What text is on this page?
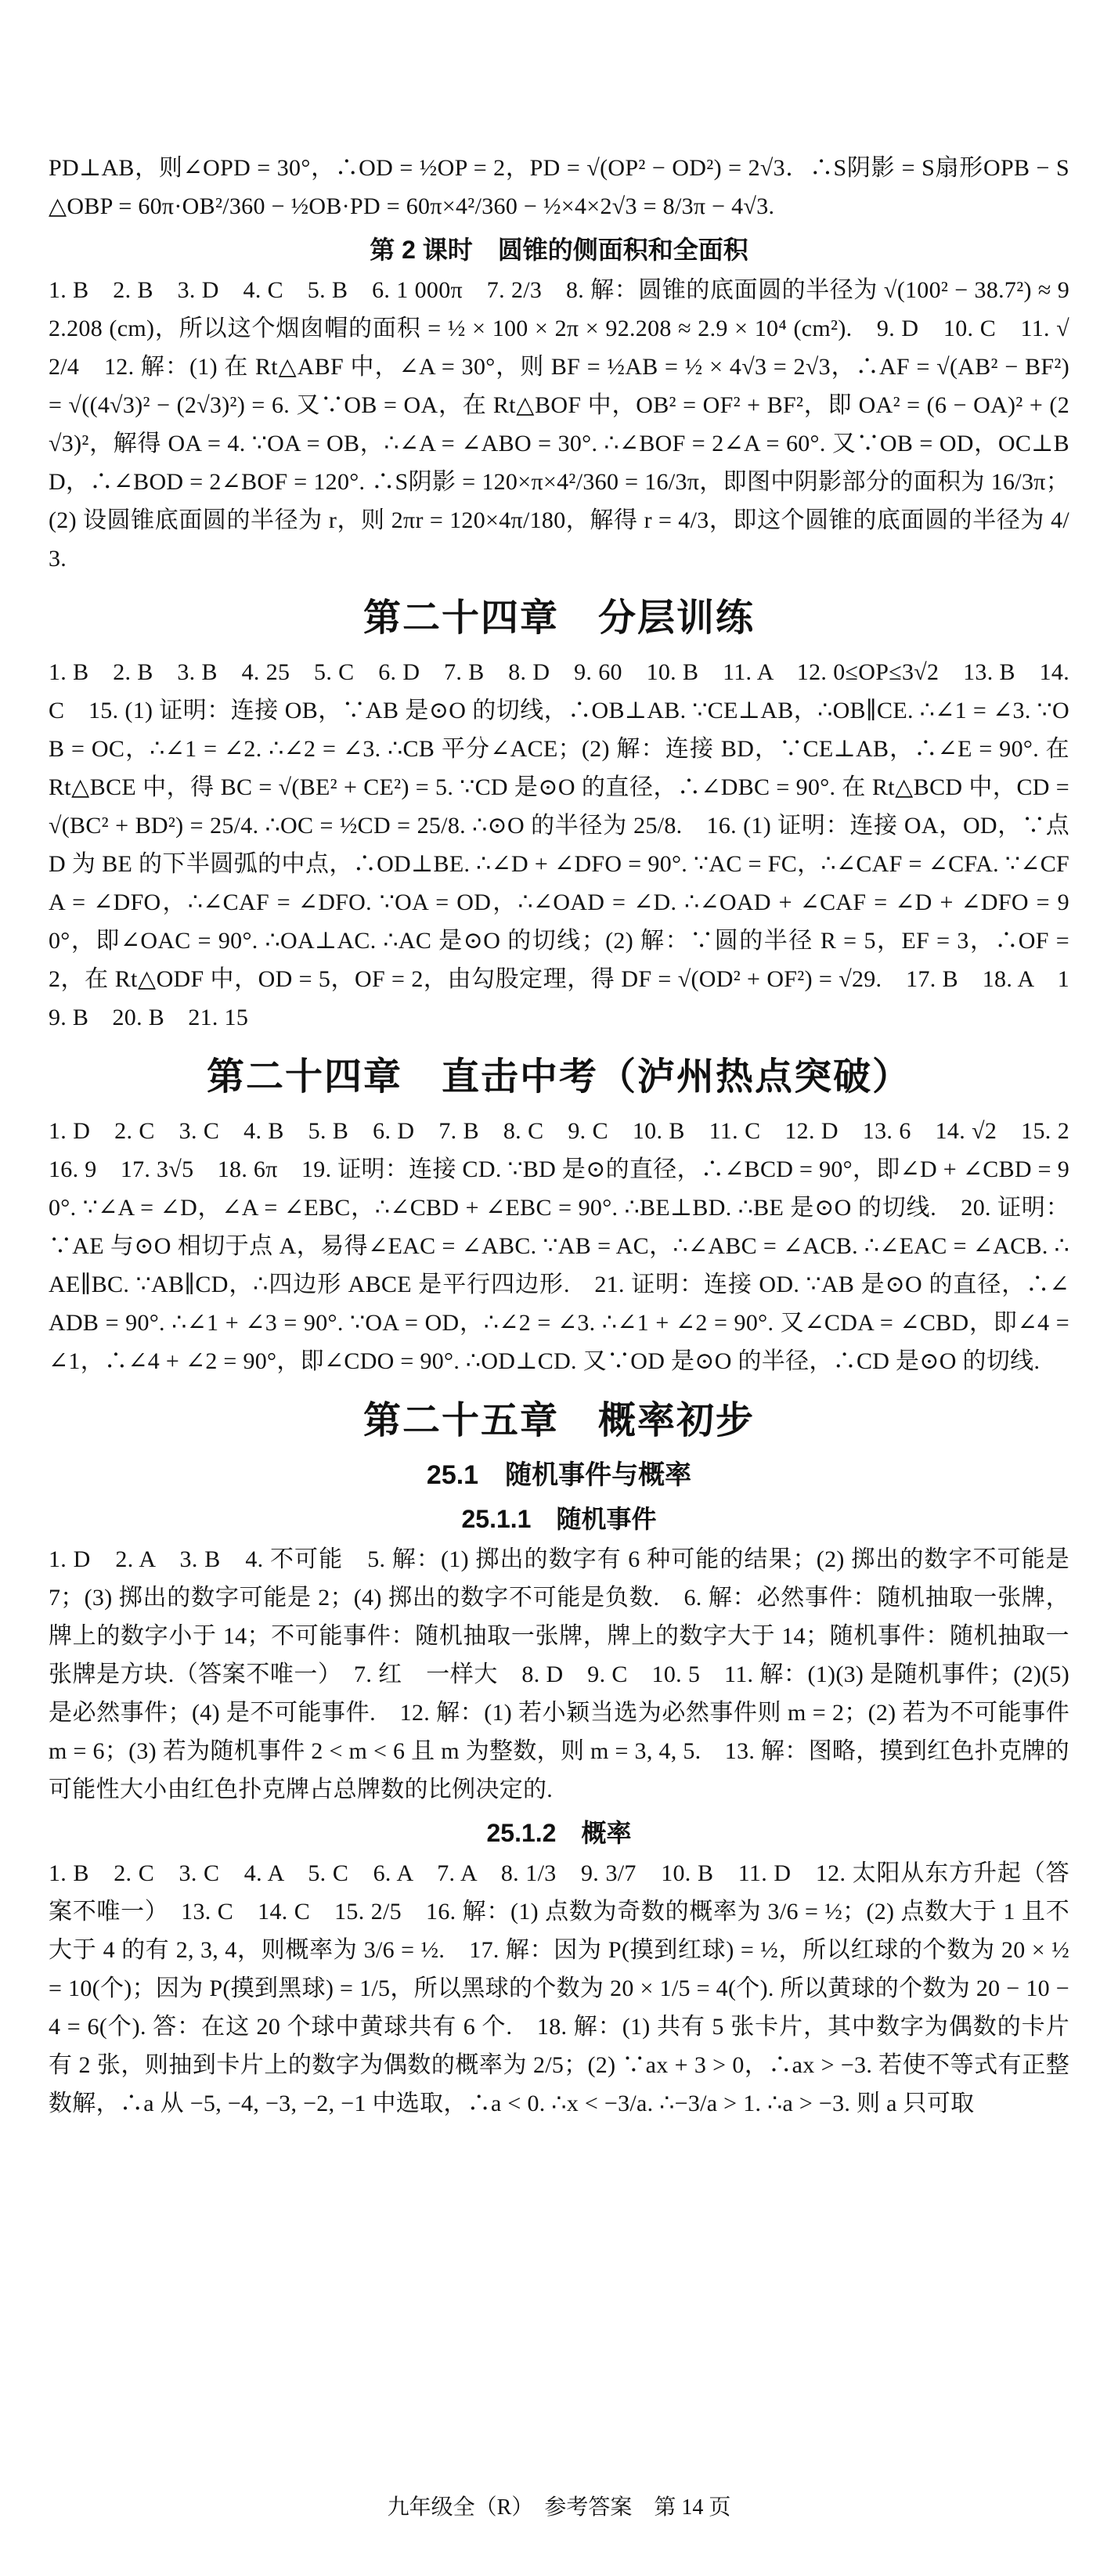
PD⊥AB，则∠OPD = 30°，∴OD = ½OP = 2，PD = √(OP² − OD²) = 2√3．∴S阴影 = S扇形OPB − S△OBP = 60π·OB²/360 − ½OB·PD = 60π×4²/360 − ½×4×2√3 = 8/3π − 4√3.

第 2 课时　圆锥的侧面积和全面积

1. B　2. B　3. D　4. C　5. B　6. 1 000π　7. 2/3　8. 解：圆锥的底面圆的半径为 √(100² − 38.7²) ≈ 92.208 (cm)，所以这个烟囱帽的面积 = ½ × 100 × 2π × 92.208 ≈ 2.9 × 10⁴ (cm²).　9. D　10. C　11. √2/4　12. 解：(1) 在 Rt△ABF 中，∠A = 30°，则 BF = ½AB = ½ × 4√3 = 2√3，∴AF = √(AB² − BF²) = √((4√3)² − (2√3)²) = 6. 又∵OB = OA，在 Rt△BOF 中，OB² = OF² + BF²，即 OA² = (6 − OA)² + (2√3)²，解得 OA = 4. ∵OA = OB，∴∠A = ∠ABO = 30°. ∴∠BOF = 2∠A = 60°. 又∵OB = OD，OC⊥BD，∴∠BOD = 2∠BOF = 120°. ∴S阴影 = 120×π×4²/360 = 16/3π，即图中阴影部分的面积为 16/3π；(2) 设圆锥底面圆的半径为 r，则 2πr = 120×4π/180，解得 r = 4/3，即这个圆锥的底面圆的半径为 4/3.

第二十四章　分层训练

1. B　2. B　3. B　4. 25　5. C　6. D　7. B　8. D　9. 60　10. B　11. A　12. 0≤OP≤3√2　13. B　14. C　15. (1) 证明：连接 OB，∵AB 是⊙O 的切线，∴OB⊥AB. ∵CE⊥AB，∴OB∥CE. ∴∠1 = ∠3. ∵OB = OC，∴∠1 = ∠2. ∴∠2 = ∠3. ∴CB 平分∠ACE；(2) 解：连接 BD，∵CE⊥AB，∴∠E = 90°. 在 Rt△BCE 中，得 BC = √(BE² + CE²) = 5. ∵CD 是⊙O 的直径，∴∠DBC = 90°. 在 Rt△BCD 中，CD = √(BC² + BD²) = 25/4. ∴OC = ½CD = 25/8. ∴⊙O 的半径为 25/8.　16. (1) 证明：连接 OA，OD，∵点 D 为 BE 的下半圆弧的中点，∴OD⊥BE. ∴∠D + ∠DFO = 90°. ∵AC = FC，∴∠CAF = ∠CFA. ∵∠CFA = ∠DFO，∴∠CAF = ∠DFO. ∵OA = OD，∴∠OAD = ∠D. ∴∠OAD + ∠CAF = ∠D + ∠DFO = 90°，即∠OAC = 90°. ∴OA⊥AC. ∴AC 是⊙O 的切线；(2) 解：∵圆的半径 R = 5，EF = 3，∴OF = 2，在 Rt△ODF 中，OD = 5，OF = 2，由勾股定理，得 DF = √(OD² + OF²) = √29.　17. B　18. A　19. B　20. B　21. 15

第二十四章　直击中考（泸州热点突破）

1. D　2. C　3. C　4. B　5. B　6. D　7. B　8. C　9. C　10. B　11. C　12. D　13. 6　14. √2　15. 2　16. 9　17. 3√5　18. 6π　19. 证明：连接 CD. ∵BD 是⊙的直径，∴∠BCD = 90°，即∠D + ∠CBD = 90°. ∵∠A = ∠D，∠A = ∠EBC，∴∠CBD + ∠EBC = 90°. ∴BE⊥BD. ∴BE 是⊙O 的切线.　20. 证明：∵AE 与⊙O 相切于点 A，易得∠EAC = ∠ABC. ∵AB = AC，∴∠ABC = ∠ACB. ∴∠EAC = ∠ACB. ∴AE∥BC. ∵AB∥CD，∴四边形 ABCE 是平行四边形.　21. 证明：连接 OD. ∵AB 是⊙O 的直径，∴∠ADB = 90°. ∴∠1 + ∠3 = 90°. ∵OA = OD，∴∠2 = ∠3. ∴∠1 + ∠2 = 90°. 又∠CDA = ∠CBD，即∠4 = ∠1，∴∠4 + ∠2 = 90°，即∠CDO = 90°. ∴OD⊥CD. 又∵OD 是⊙O 的半径，∴CD 是⊙O 的切线.

第二十五章　概率初步
25.1　随机事件与概率
25.1.1　随机事件

1. D　2. A　3. B　4. 不可能　5. 解：(1) 掷出的数字有 6 种可能的结果；(2) 掷出的数字不可能是 7；(3) 掷出的数字可能是 2；(4) 掷出的数字不可能是负数.　6. 解：必然事件：随机抽取一张牌，牌上的数字小于 14；不可能事件：随机抽取一张牌，牌上的数字大于 14；随机事件：随机抽取一张牌是方块.（答案不唯一）　7. 红　一样大　8. D　9. C　10. 5　11. 解：(1)(3) 是随机事件；(2)(5) 是必然事件；(4) 是不可能事件.　12. 解：(1) 若小颖当选为必然事件则 m = 2；(2) 若为不可能事件 m = 6；(3) 若为随机事件 2 < m < 6 且 m 为整数，则 m = 3, 4, 5.　13. 解：图略，摸到红色扑克牌的可能性大小由红色扑克牌占总牌数的比例决定的.

25.1.2　概率

1. B　2. C　3. C　4. A　5. C　6. A　7. A　8. 1/3　9. 3/7　10. B　11. D　12. 太阳从东方升起（答案不唯一）　13. C　14. C　15. 2/5　16. 解：(1) 点数为奇数的概率为 3/6 = ½；(2) 点数大于 1 且不大于 4 的有 2, 3, 4，则概率为 3/6 = ½.　17. 解：因为 P(摸到红球) = ½，所以红球的个数为 20 × ½ = 10(个)；因为 P(摸到黑球) = 1/5，所以黑球的个数为 20 × 1/5 = 4(个). 所以黄球的个数为 20 − 10 − 4 = 6(个). 答：在这 20 个球中黄球共有 6 个.　18. 解：(1) 共有 5 张卡片，其中数字为偶数的卡片有 2 张，则抽到卡片上的数字为偶数的概率为 2/5；(2) ∵ax + 3 > 0，∴ax > −3. 若使不等式有正整数解，∴a 从 −5, −4, −3, −2, −1 中选取，∴a < 0. ∴x < −3/a. ∴−3/a > 1. ∴a > −3. 则 a 只可取

九年级全（R）　参考答案　第 14 页
